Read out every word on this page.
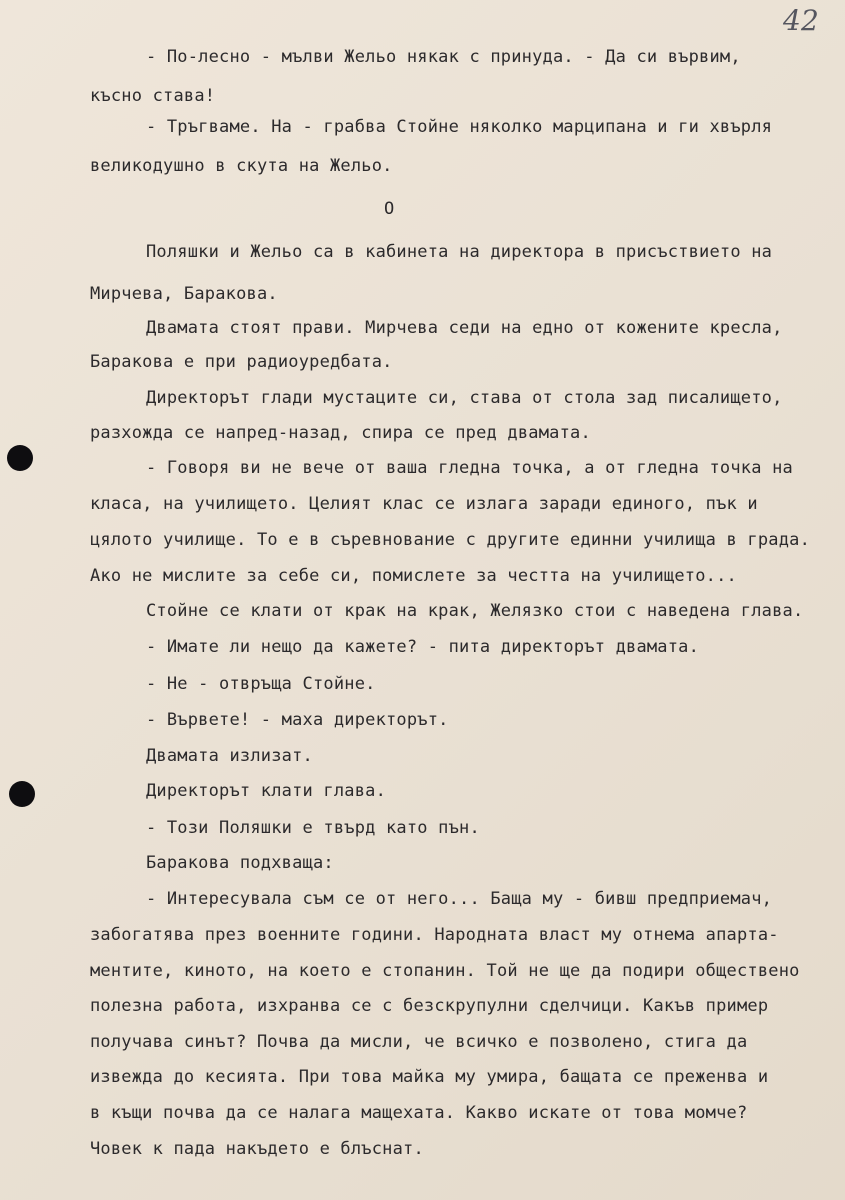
42
- По-лесно - мълви Жельо някак с принуда. - Да си вървим,
късно става!
- Тръгваме. На - грабва Стойне няколко марципана и ги хвърля
великодушно в скута на Жельо.
О
Поляшки и Жельо са в кабинета на директора в присъствието на
Мирчева, Баракова.
Двамата стоят прави. Мирчева седи на едно от кожените кресла,
Баракова е при радиоуредбата.
Директорът глади мустаците си, става от стола зад писалището,
разхожда се напред-назад, спира се пред двамата.
- Говоря ви не вече от ваша гледна точка, а от гледна точка на
класа, на училището. Целият клас се излага заради единого, пък и
цялото училище. То е в съревнование с другите единни училища в града.
Ако не мислите за себе си, помислете за честта на училището...
Стойне се клати от крак на крак, Желязко стои с наведена глава.
- Имате ли нещо да кажете? - пита директорът двамата.
- Не - отвръща Стойне.
- Вървете! - маха директорът.
Двамата излизат.
Директорът клати глава.
- Този Поляшки е твърд като пън.
Баракова подхваща:
- Интересувала съм се от него... Баща му - бивш предприемач,
забогатява през военните години. Народната власт му отнема апарта-
ментите, киното, на което е стопанин. Той не ще да подири обществено
полезна работа, изхранва се с безскрупулни сделчици. Какъв пример
получава синът? Почва да мисли, че всичко е позволено, стига да
извежда до кесията. При това майка му умира, бащата се преженва и
в къщи почва да се налага мащехата. Какво искате от това момче?
Човек к пада накъдето е блъснат.
